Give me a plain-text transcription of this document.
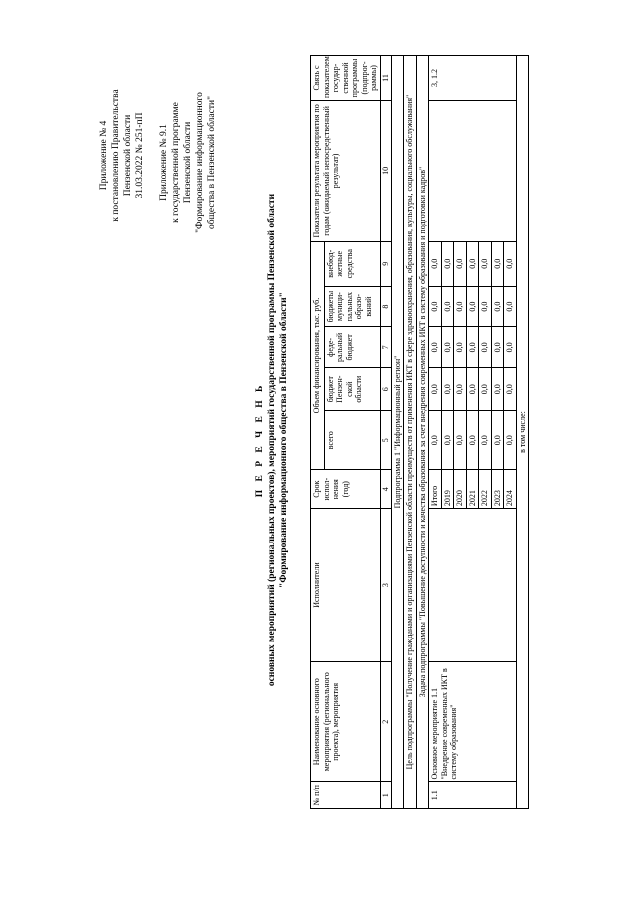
Приложение № 4 к постановлению Правительства Пензенской области 31.03.2022 № 251-пП Приложение № 9.1 к государственной программе Пензенской области "Формирование информационного общества в Пензенской области"
П Е Р Е Ч Е Н Ь основных мероприятий (региональных проектов), мероприятий государственной программы Пензенской области "Формирование информационного общества в Пензенской области"
№ п/п	Наименование основного мероприятия (регионального проекта), мероприятия	Исполнители	Срок испол-нения (год)	Объем финансирования, тыс. руб.					Показатели результата мероприятия по годам (ожидаемый непосредственный результат)	Связь с показателем государ-ственной программы (подпрог-раммы)
				всего	бюджет Пензен-ской области	феде-ральный бюджет	бюджеты муници-пальных образо-ваний	внебюд-жетные средства		
1	2	3	4	5	6	7	8	9	10	11
Подпрограмма 1 "Информационный регион"										
Цель подпрограммы "Получение гражданами и организациями Пензенской области преимуществ от применения ИКТ в сфере здравоохранения, образования, культуры, социального обслуживания"										
Задача подпрограммы "Повышение доступности и качества образования за счет внедрения современных ИКТ в систему образования и подготовки кадров"										
1.1	Основное мероприятие 1.1 "Внедрение современных ИКТ в систему образования"		Итого	0,0	0,0	0,0	0,0	0,0		3, 1.2
			2019	0,0	0,0	0,0	0,0	0,0		
			2020	0,0	0,0	0,0	0,0	0,0		
			2021	0,0	0,0	0,0	0,0	0,0		
			2022	0,0	0,0	0,0	0,0	0,0		
			2023	0,0	0,0	0,0	0,0	0,0		
			2024	0,0	0,0	0,0	0,0	0,0		
в том числе:										
